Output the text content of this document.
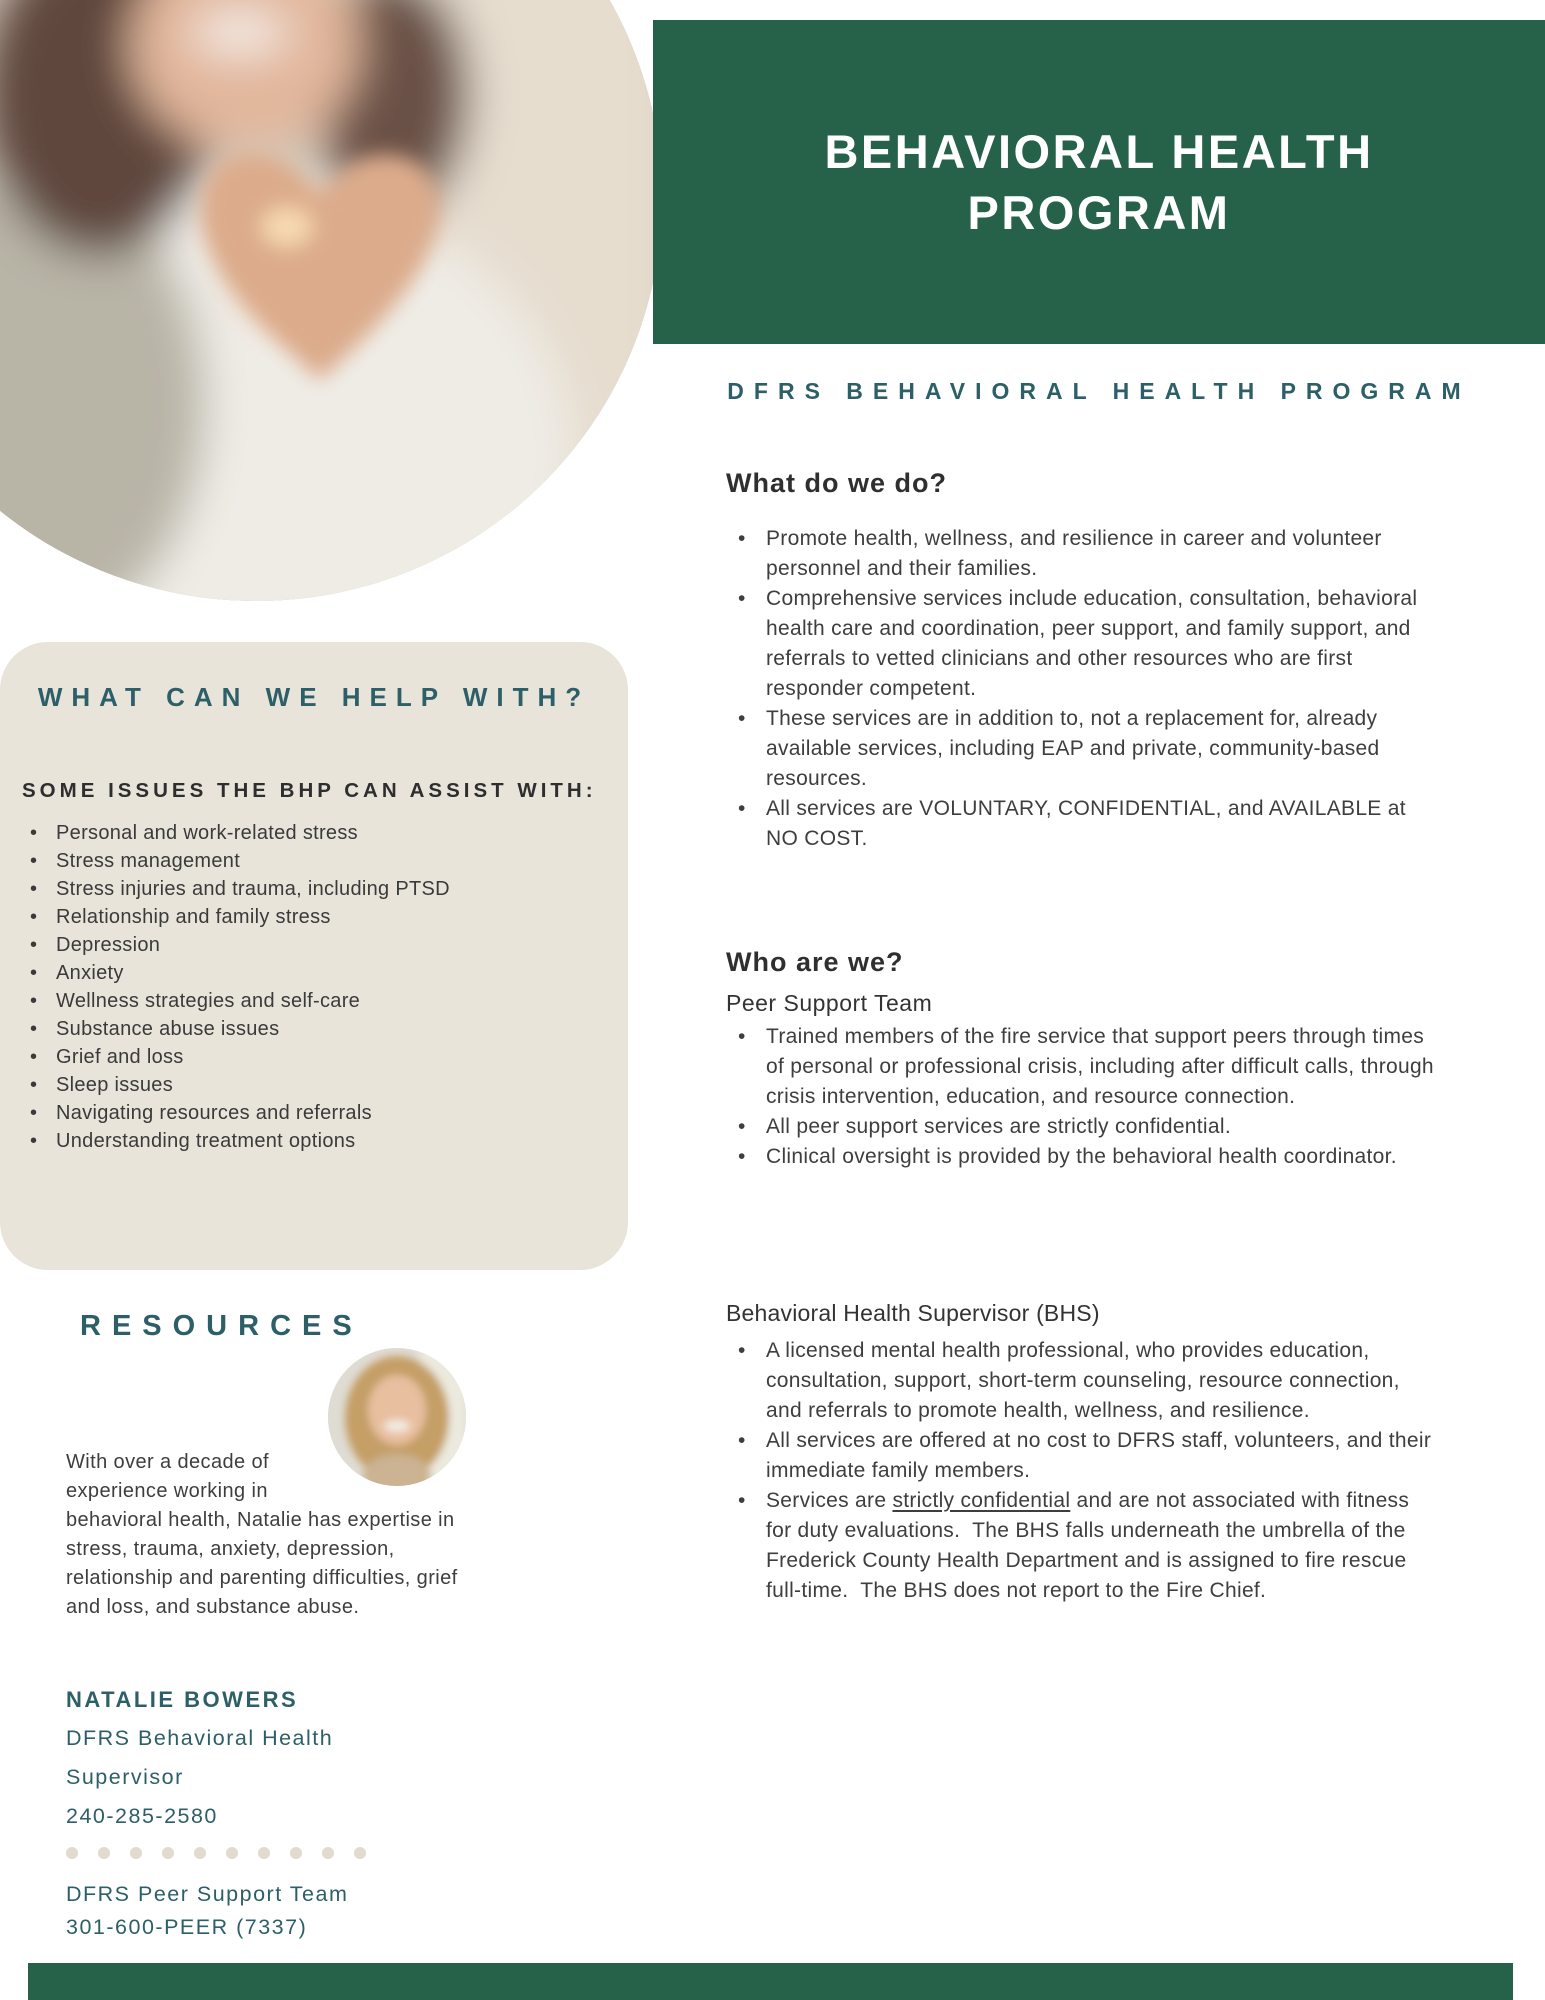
BEHAVIORAL HEALTH
PROGRAM
DFRS BEHAVIORAL HEALTH PROGRAM
What do we do?
• Promote health, wellness, and resilience in career and volunteer personnel and their families.
• Comprehensive services include education, consultation, behavioral health care and coordination, peer support, and family support, and referrals to vetted clinicians and other resources who are first responder competent.
• These services are in addition to, not a replacement for, already available services, including EAP and private, community-based resources.
• All services are VOLUNTARY, CONFIDENTIAL, and AVAILABLE at NO COST.
Who are we?
Peer Support Team
• Trained members of the fire service that support peers through times of personal or professional crisis, including after difficult calls, through crisis intervention, education, and resource connection.
• All peer support services are strictly confidential.
• Clinical oversight is provided by the behavioral health coordinator.
Behavioral Health Supervisor (BHS)
• A licensed mental health professional, who provides education, consultation, support, short-term counseling, resource connection, and referrals to promote health, wellness, and resilience.
• All services are offered at no cost to DFRS staff, volunteers, and their immediate family members.
• Services are strictly confidential and are not associated with fitness for duty evaluations.  The BHS falls underneath the umbrella of the Frederick County Health Department and is assigned to fire rescue full-time.  The BHS does not report to the Fire Chief.
WHAT CAN WE HELP WITH?
SOME ISSUES THE BHP CAN ASSIST WITH:
• Personal and work-related stress
• Stress management
• Stress injuries and trauma, including PTSD
• Relationship and family stress
• Depression
• Anxiety
• Wellness strategies and self-care
• Substance abuse issues
• Grief and loss
• Sleep issues
• Navigating resources and referrals
• Understanding treatment options
RESOURCES

With over a decade of experience working in behavioral health, Natalie has expertise in stress, trauma, anxiety, depression, relationship and parenting difficulties, grief and loss, and substance abuse.

NATALIE BOWERS
DFRS Behavioral Health
Supervisor
240-285-2580
DFRS Peer Support Team
301-600-PEER (7337)
